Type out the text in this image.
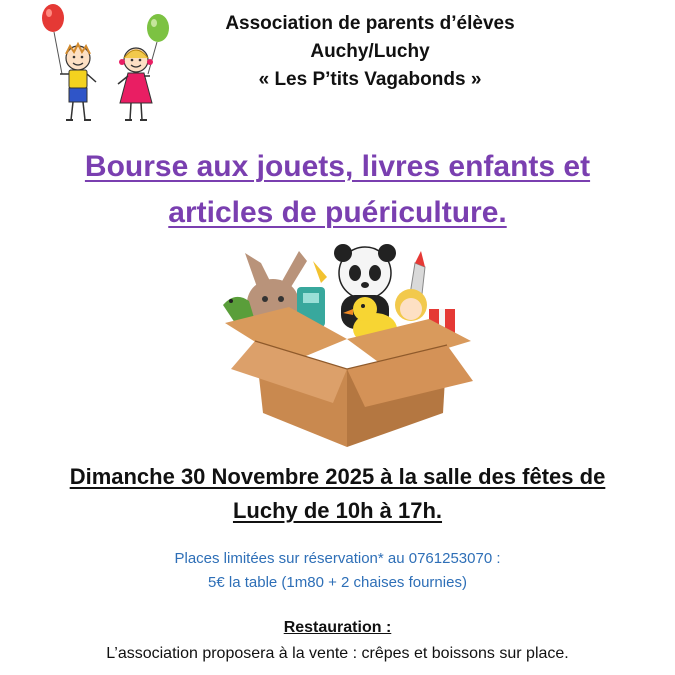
Association de parents d’élèves
Auchy/Luchy
« Les P’tits Vagabonds »
Bourse aux jouets, livres enfants et
articles de puériculture.
Dimanche 30 Novembre 2025 à la salle des fêtes de
Luchy de 10h à 17h.
Places limitées sur réservation* au 0761253070 :
5€ la table (1m80 + 2 chaises fournies)
Restauration :
L’association proposera à la vente : crêpes et boissons sur place.
